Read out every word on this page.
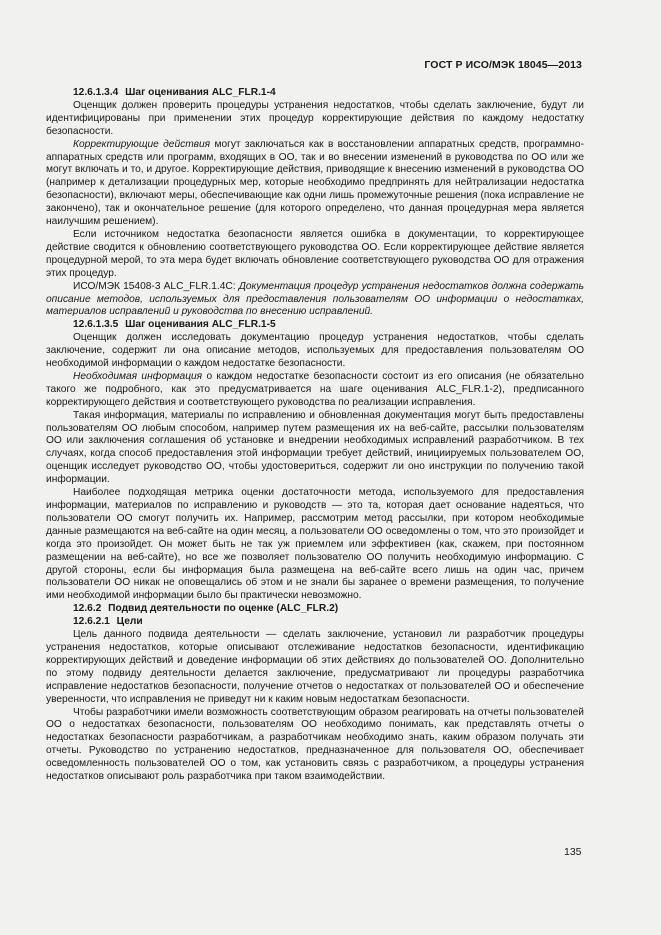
ГОСТ Р ИСО/МЭК 18045—2013

12.6.1.3.4 Шаг оценивания ALC_FLR.1-4

Оценщик должен проверить процедуры устранения недостатков, чтобы сделать заключение, будут ли идентифицированы при применении этих процедур корректирующие действия по каждому недостатку безопасности.

Корректирующие действия могут заключаться как в восстановлении аппаратных средств, программно-аппаратных средств или программ, входящих в ОО, так и во внесении изменений в руководства по ОО или же могут включать и то, и другое. Корректирующие действия, приводящие к внесению изменений в руководства ОО (например к детализации процедурных мер, которые необходимо предпринять для нейтрализации недостатка безопасности), включают меры, обеспечивающие как одни лишь промежуточные решения (пока исправление не закончено), так и окончательное решение (для которого определено, что данная процедурная мера является наилучшим решением).

Если источником недостатка безопасности является ошибка в документации, то корректирующее действие сводится к обновлению соответствующего руководства ОО. Если корректирующее действие является процедурной мерой, то эта мера будет включать обновление соответствующего руководства ОО для отражения этих процедур.

ИСО/МЭК 15408-3 ALC_FLR.1.4C: Документация процедур устранения недостатков должна содержать описание методов, используемых для предоставления пользователям ОО информации о недостатках, материалов исправлений и руководства по внесению исправлений.

12.6.1.3.5 Шаг оценивания ALC_FLR.1-5

Оценщик должен исследовать документацию процедур устранения недостатков, чтобы сделать заключение, содержит ли она описание методов, используемых для предоставления пользователям ОО необходимой информации о каждом недостатке безопасности.

Необходимая информация о каждом недостатке безопасности состоит из его описания (не обязательно такого же подробного, как это предусматривается на шаге оценивания ALC_FLR.1-2), предписанного корректирующего действия и соответствующего руководства по реализации исправления.

Такая информация, материалы по исправлению и обновленная документация могут быть предоставлены пользователям ОО любым способом, например путем размещения их на веб-сайте, рассылки пользователям ОО или заключения соглашения об установке и внедрении необходимых исправлений разработчиком. В тех случаях, когда способ предоставления этой информации требует действий, инициируемых пользователем ОО, оценщик исследует руководство ОО, чтобы удостовериться, содержит ли оно инструкции по получению такой информации.

Наиболее подходящая метрика оценки достаточности метода, используемого для предоставления информации, материалов по исправлению и руководств — это та, которая дает основание надеяться, что пользователи ОО смогут получить их. Например, рассмотрим метод рассылки, при котором необходимые данные размещаются на веб-сайте на один месяц, а пользователи ОО осведомлены о том, что это произойдет и когда это произойдет. Он может быть не так уж приемлем или эффективен (как, скажем, при постоянном размещении на веб-сайте), но все же позволяет пользователю ОО получить необходимую информацию. С другой стороны, если бы информация была размещена на веб-сайте всего лишь на один час, причем пользователи ОО никак не оповещались об этом и не знали бы заранее о времени размещения, то получение ими необходимой информации было бы практически невозможно.

12.6.2 Подвид деятельности по оценке (ALC_FLR.2)

12.6.2.1 Цели

Цель данного подвида деятельности — сделать заключение, установил ли разработчик процедуры устранения недостатков, которые описывают отслеживание недостатков безопасности, идентификацию корректирующих действий и доведение информации об этих действиях до пользователей ОО. Дополнительно по этому подвиду деятельности делается заключение, предусматривают ли процедуры разработчика исправление недостатков безопасности, получение отчетов о недостатках от пользователей ОО и обеспечение уверенности, что исправления не приведут ни к каким новым недостаткам безопасности.

Чтобы разработчики имели возможность соответствующим образом реагировать на отчеты пользователей ОО о недостатках безопасности, пользователям ОО необходимо понимать, как представлять отчеты о недостатках безопасности разработчикам, а разработчикам необходимо знать, каким образом получать эти отчеты. Руководство по устранению недостатков, предназначенное для пользователя ОО, обеспечивает осведомленность пользователей ОО о том, как установить связь с разработчиком, а процедуры устранения недостатков описывают роль разработчика при таком взаимодействии.

135
